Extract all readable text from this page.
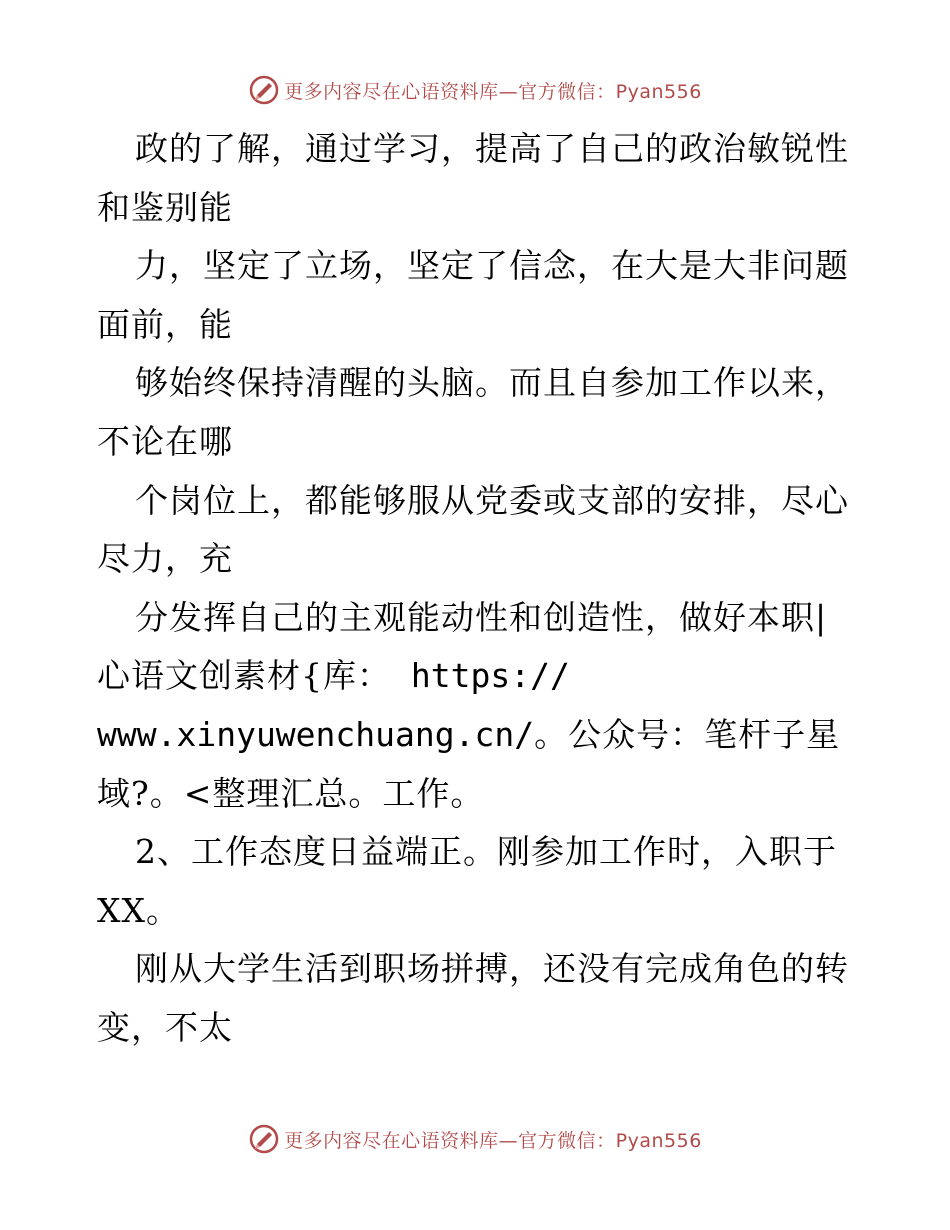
更多内容尽在心语资料库—官方微信：Pyan556
政的了解，通过学习，提高了自己的政治敏锐性
和鉴别能
力，坚定了立场，坚定了信念，在大是大非问题
面前，能
够始终保持清醒的头脑。而且自参加工作以来，
不论在哪
个岗位上，都能够服从党委或支部的安排，尽心
尽力，充
分发挥自己的主观能动性和创造性，做好本职|
心语文创素材{库： https://
www.xinyuwenchuang.cn/。公众号：笔杆子星
域?。<整理汇总。工作。
2、工作态度日益端正。刚参加工作时，入职于
XX。
刚从大学生活到职场拼搏，还没有完成角色的转
变，不太
更多内容尽在心语资料库—官方微信：Pyan556
